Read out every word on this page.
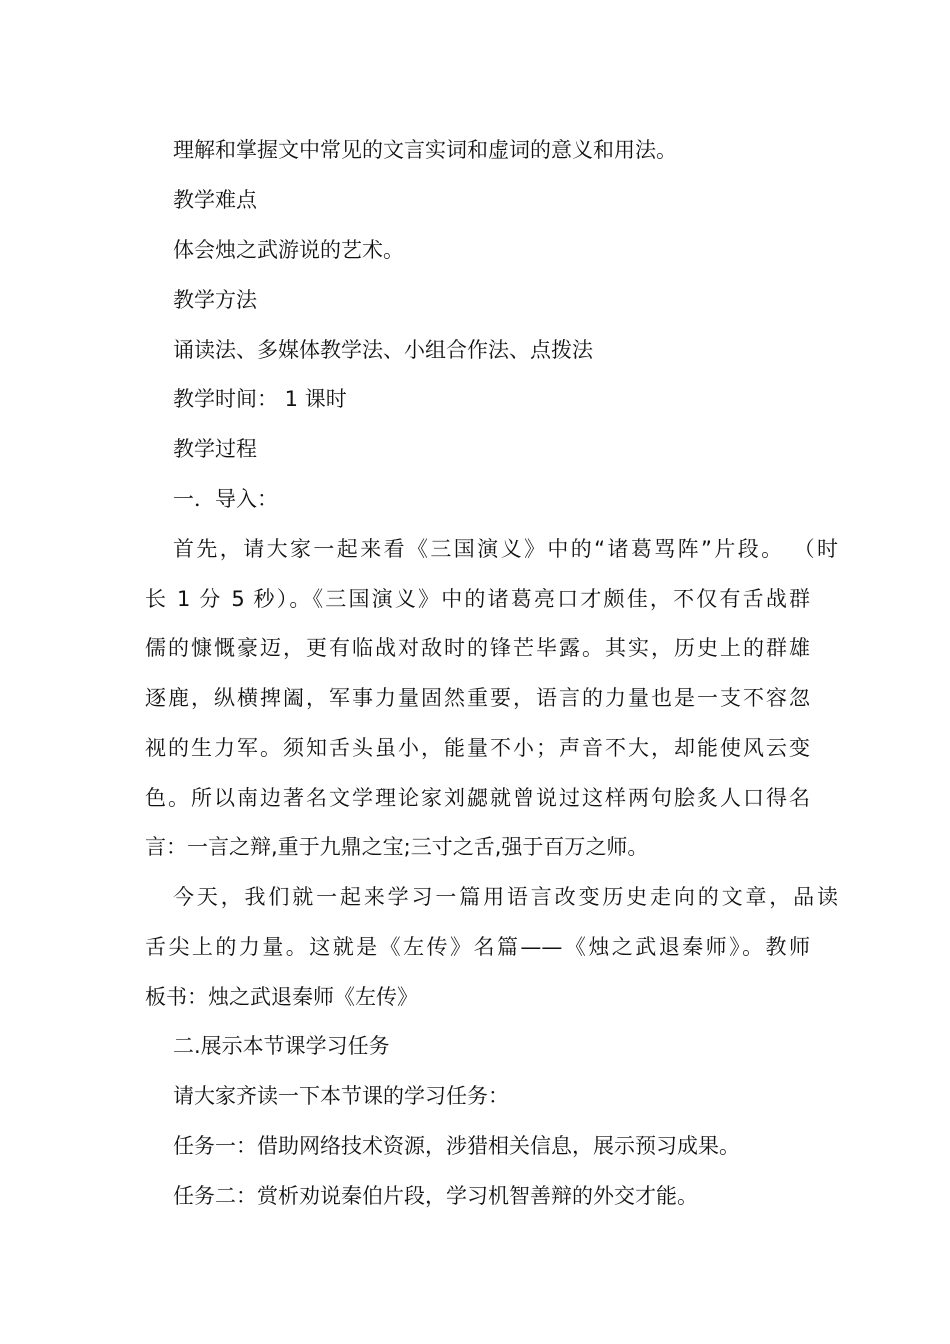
理解和掌握文中常见的文言实词和虚词的意义和用法。
教学难点
体会烛之武游说的艺术。
教学方法
诵读法、多媒体教学法、小组合作法、点拨法
教学时间： 1 课时
教学过程
一．导入：
首先，请大家一起来看《三国演义》中的“诸葛骂阵”片段。 （时
长 1 分 5 秒）。《三国演义》中的诸葛亮口才颇佳，不仅有舌战群
儒的慷慨豪迈，更有临战对敌时的锋芒毕露。其实，历史上的群雄
逐鹿，纵横捭阖，军事力量固然重要，语言的力量也是一支不容忽
视的生力军。须知舌头虽小，能量不小；声音不大，却能使风云变
色。所以南边著名文学理论家刘勰就曾说过这样两句脍炙人口得名
言：一言之辩,重于九鼎之宝;三寸之舌,强于百万之师。
今天，我们就一起来学习一篇用语言改变历史走向的文章，品读
舌尖上的力量。这就是《左传》名篇——《烛之武退秦师》。教师
板书：烛之武退秦师《左传》
二.展示本节课学习任务
请大家齐读一下本节课的学习任务：
任务一：借助网络技术资源，涉猎相关信息，展示预习成果。
任务二：赏析劝说秦伯片段，学习机智善辩的外交才能。
